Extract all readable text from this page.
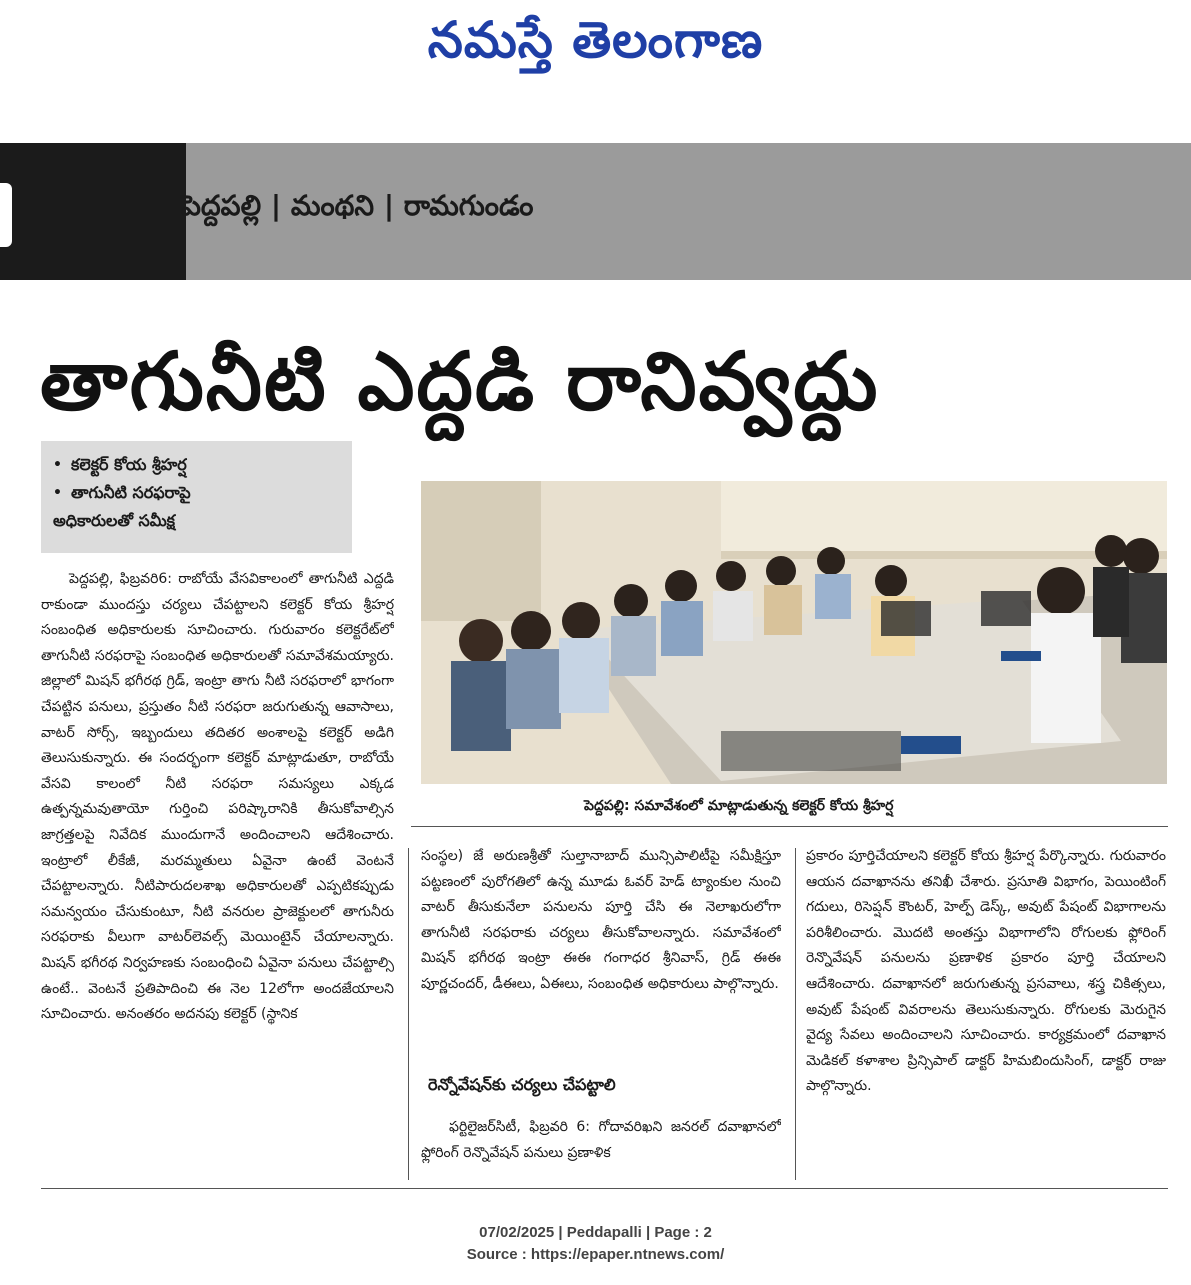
నమస్తే తెలంగాణ
పెద్దపల్లి | మంథని | రామగుండం
తాగునీటి ఎద్దడి రానివ్వద్దు
• కలెక్టర్ కోయ శ్రీహర్ష
• తాగునీటి సరఫరాపై
అధికారులతో సమీక్ష
పెద్దపల్లి: సమావేశంలో మాట్లాడుతున్న కలెక్టర్ కోయ శ్రీహర్ష

పెద్దపల్లి, ఫిబ్రవరి6: రాబోయే వేసవికాలంలో తాగునీటి ఎద్దడి రాకుండా ముందస్తు చర్యలు చేపట్టాలని కలెక్టర్ కోయ శ్రీహర్ష సంబంధిత అధికారులకు సూచించారు. గురువారం కలెక్టరేట్‌లో తాగునీటి సరఫరాపై సంబంధిత అధికారులతో సమావేశమయ్యారు. జిల్లాలో మిషన్ భగీరథ గ్రిడ్, ఇంట్రా తాగు నీటి సరఫరాలో భాగంగా చేపట్టిన పనులు, ప్రస్తుతం నీటి సరఫరా జరుగుతున్న ఆవాసాలు, వాటర్ సోర్స్, ఇబ్బందులు తదితర అంశాలపై కలెక్టర్ అడిగి తెలుసుకున్నారు. ఈ సందర్భంగా కలెక్టర్ మాట్లాడుతూ, రాబోయే వేసవి కాలంలో నీటి సరఫరా సమస్యలు ఎక్కడ ఉత్పన్నమవుతాయో గుర్తించి పరిష్కారానికి తీసుకోవాల్సిన జాగ్రత్తలపై నివేదిక ముందుగానే అందించాలని ఆదేశించారు. ఇంట్రాలో లీకేజీ, మరమ్మతులు ఏవైనా ఉంటే వెంటనే చేపట్టాలన్నారు. నీటిపారుదలశాఖ అధికారులతో ఎప్పటికప్పుడు సమన్వయం చేసుకుంటూ, నీటి వనరుల ప్రాజెక్టులలో తాగునీరు సరఫరాకు వీలుగా వాటర్‌లెవల్స్ మెయింటైన్ చేయాలన్నారు. మిషన్ భగీరథ నిర్వహణకు సంబంధించి ఏవైనా పనులు చేపట్టాల్సి ఉంటే.. వెంటనే ప్రతిపాదించి ఈ నెల 12లోగా అందజేయాలని సూచించారు. అనంతరం అదనపు కలెక్టర్ (స్థానిక

సంస్థల) జే అరుణశ్రీతో సుల్తానాబాద్ మున్సిపాలిటీపై సమీక్షిస్తూ పట్టణంలో పురోగతిలో ఉన్న మూడు ఓవర్ హెడ్ ట్యాంకుల నుంచి వాటర్ తీసుకునేలా పనులను పూర్తి చేసి ఈ నెలాఖరులోగా తాగునీటి సరఫరాకు చర్యలు తీసుకోవాలన్నారు. సమావేశంలో మిషన్ భగీరథ ఇంట్రా ఈఈ గంగాధర శ్రీనివాస్, గ్రిడ్ ఈఈ పూర్ణచందర్, డీఈలు, ఏఈలు, సంబంధిత అధికారులు పాల్గొన్నారు.

రెన్నోవేషన్‌కు చర్యలు చేపట్టాలి
ఫర్టిలైజర్‌సిటీ, ఫిబ్రవరి 6: గోదావరిఖని జనరల్ దవాఖానలో ఫ్లోరింగ్ రెన్నొవేషన్ పనులు ప్రణాళిక

ప్రకారం పూర్తిచేయాలని కలెక్టర్ కోయ శ్రీహర్ష పేర్కొన్నారు. గురువారం ఆయన దవాఖానను తనిఖీ చేశారు. ప్రసూతి విభాగం, పెయింటింగ్ గదులు, రిసెప్షన్ కౌంటర్, హెల్ప్ డెస్క్, అవుట్ పేషంట్ విభాగాలను పరిశీలించారు. మొదటి అంతస్తు విభాగాలోని రోగులకు ఫ్లోరింగ్ రెన్నొవేషన్ పనులను ప్రణాళిక ప్రకారం పూర్తి చేయాలని ఆదేశించారు. దవాఖానలో జరుగుతున్న ప్రసవాలు, శస్త్ర చికిత్సలు, అవుట్ పేషంట్ వివరాలను తెలుసుకున్నారు. రోగులకు మెరుగైన వైద్య సేవలు అందించాలని సూచించారు. కార్యక్రమంలో దవాఖాన మెడికల్ కళాశాల ప్రిన్సిపాల్ డాక్టర్ హిమబిందుసింగ్, డాక్టర్ రాజు పాల్గొన్నారు.

07/02/2025 | Peddapalli | Page : 2
Source : https://epaper.ntnews.com/
